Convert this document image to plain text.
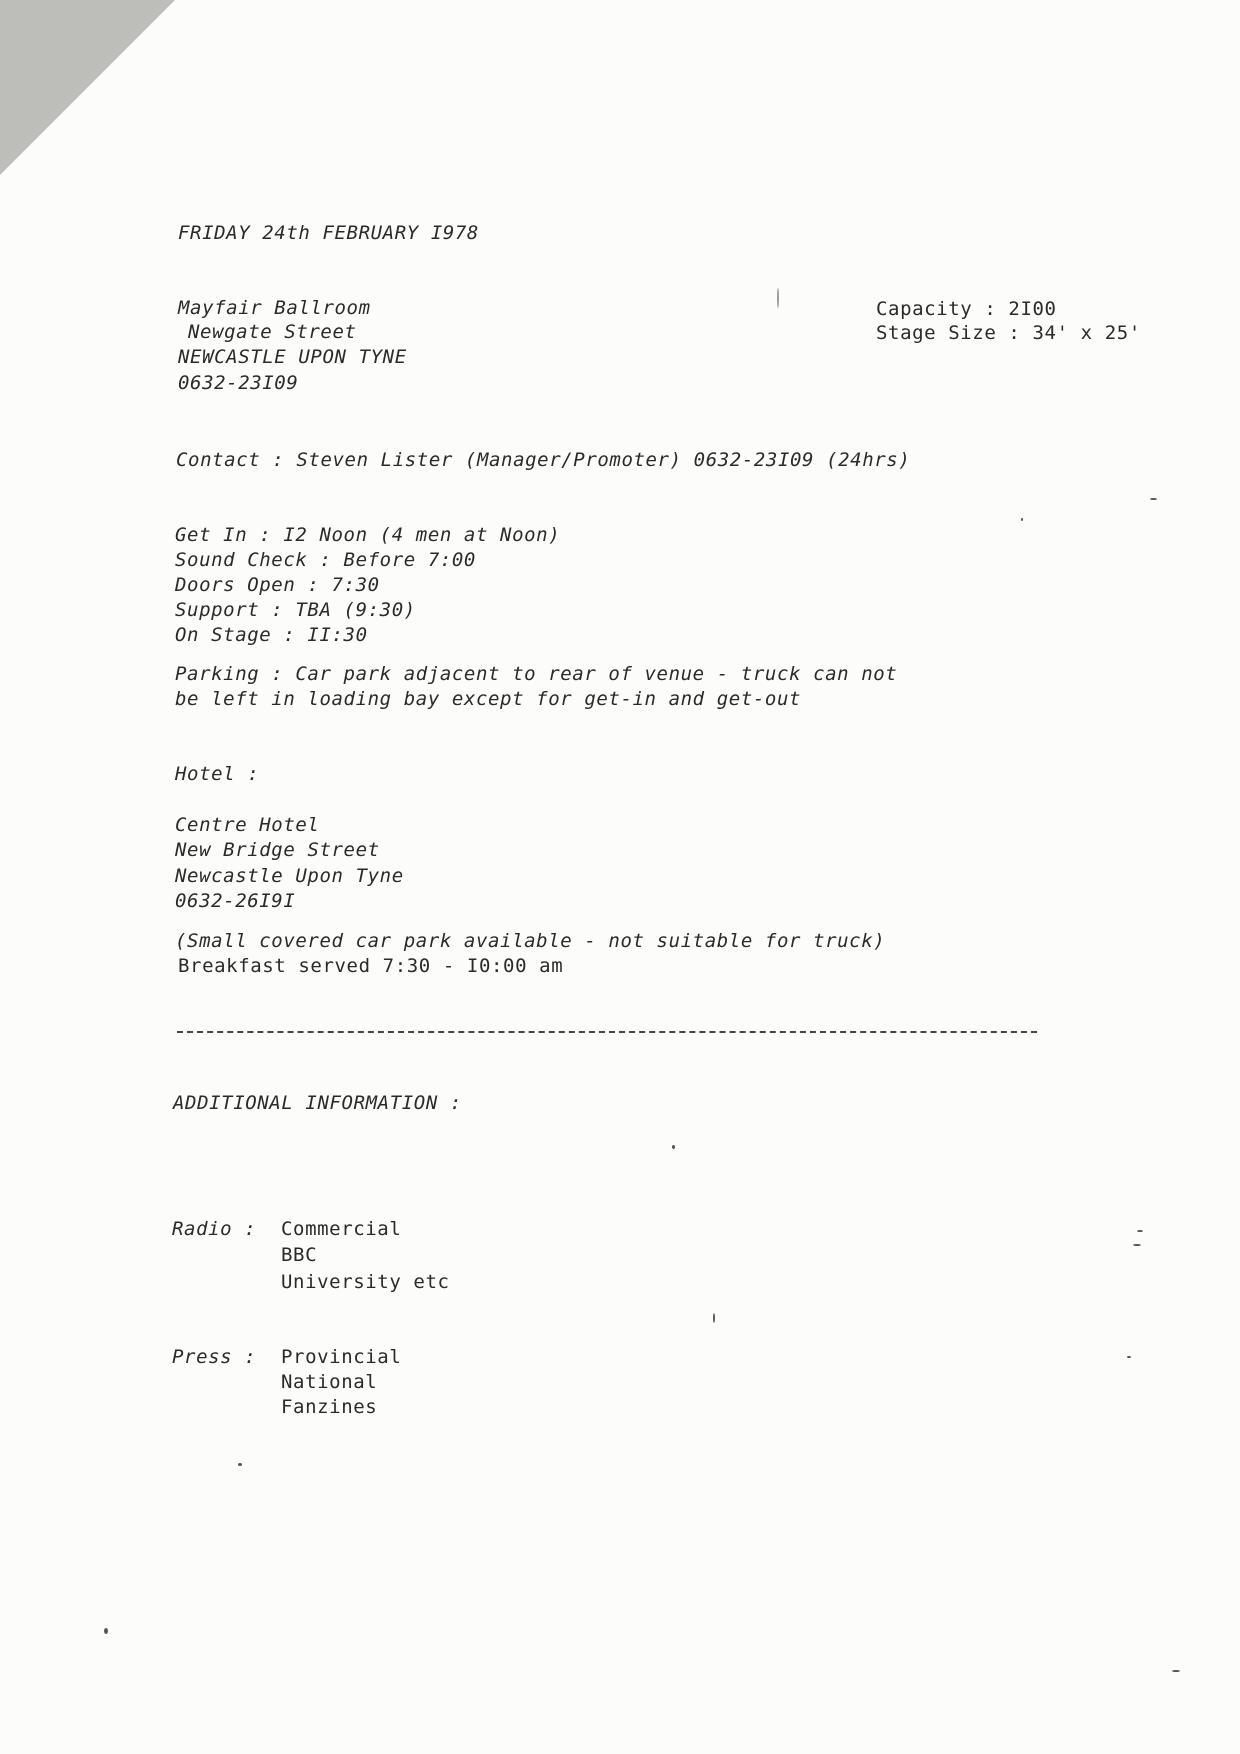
FRIDAY 24th FEBRUARY I978
Mayfair Ballroom
Newgate Street
NEWCASTLE UPON TYNE
0632-23I09
Capacity : 2I00
Stage Size : 34' x 25'
Contact : Steven Lister (Manager/Promoter) 0632-23I09 (24hrs)
Get In : I2 Noon (4 men at Noon)
Sound Check : Before 7:00
Doors Open : 7:30
Support : TBA (9:30)
On Stage : II:30
Parking : Car park adjacent to rear of venue - truck can not
be left in loading bay except for get-in and get-out
Hotel :
Centre Hotel
New Bridge Street
Newcastle Upon Tyne
0632-26I9I
(Small covered car park available - not suitable for truck)
Breakfast served 7:30 - I0:00 am
ADDITIONAL INFORMATION :
Radio : Commercial
BBC
University etc
Press : Provincial
National
Fanzines
